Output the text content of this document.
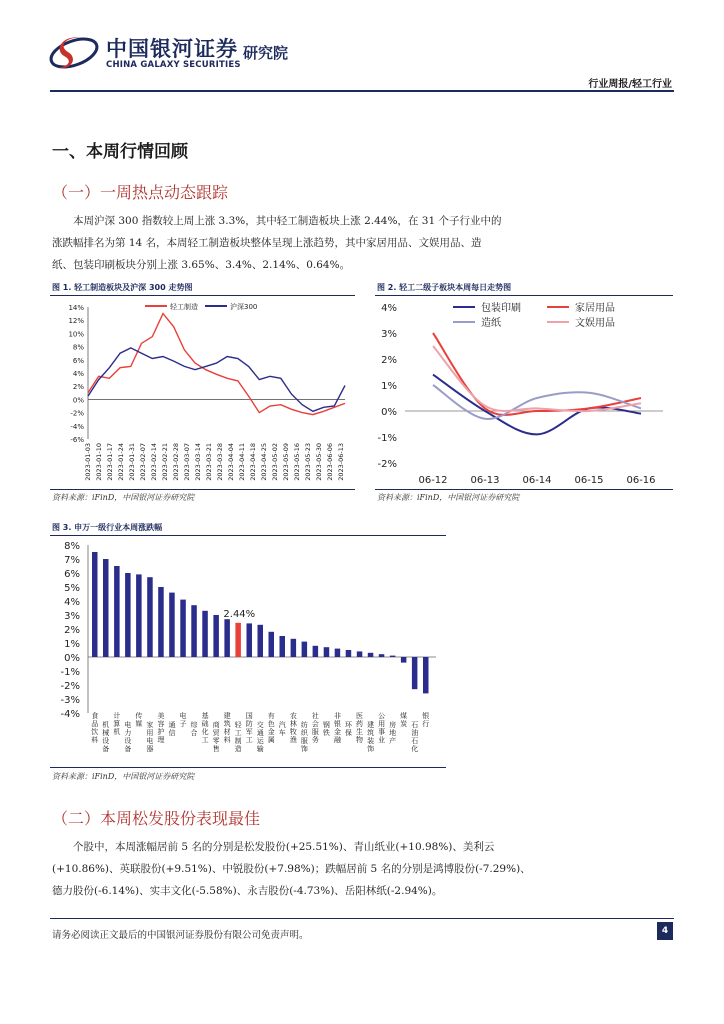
中国银河证券
CHINA GALAXY SECURITIES
研究院
行业周报/轻工行业
一、本周行情回顾
（一）一周热点动态跟踪
本周沪深 300 指数较上周上涨 3.3%，其中轻工制造板块上涨 2.44%，在 31 个子行业中的
涨跌幅排名为第 14 名，本周轻工制造板块整体呈现上涨趋势，其中家居用品、文娱用品、造
纸、包装印刷板块分别上涨 3.65%、3.4%、2.14%、0.64%。
图 1. 轻工制造板块及沪深 300 走势图
14%
12%
10%
8%
6%
4%
2%
0%
-2%
-4%
-6%
2023-01-03 2023-01-10 2023-01-17 2023-01-24 2023-01-31 2023-02-07 2023-02-14 2023-02-21 2023-02-28 2023-03-07 2023-03-14 2023-03-21 2023-03-28 2023-04-04 2023-04-11 2023-04-18 2023-04-25 2023-05-02 2023-05-09 2023-05-16 2023-05-23 2023-05-30 2023-06-06 2023-06-13
轻工制造	沪深300
资料来源：iFinD，中国银河证券研究院
图 2. 轻工二级子板块本周每日走势图
4%
3%
2%
1%
0%
-1%
-2%
06-12 06-13 06-14 06-15 06-16
包装印刷	家居用品
造纸	文娱用品
资料来源：iFinD，中国银河证券研究院
图 3. 申万一级行业本周涨跌幅
8%
7%
6%
5%
4%
3%
2%
1%
0%
-1%
-2%
-3%
-4%
2.44%
食品饮料
机械设备
计算机
电力设备
传媒 家用电器
美容护理
通信
电子 综合
基础化工
商贸零售
建筑材料
轻工制造
国防军工
交通运输
有色金属
汽车
农林牧渔
纺织服饰
社会服务
钢铁
非银金融
环保
医药生物
建筑装饰
公用事业
房地产
煤炭 石油石化
银行
资料来源：iFinD，中国银河证券研究院
（二）本周松发股份表现最佳
个股中，本周涨幅居前 5 名的分别是松发股份(+25.51%)、青山纸业(+10.98%)、美利云
(+10.86%)、英联股份(+9.51%)、中锐股份(+7.98%)；跌幅居前 5 名的分别是鸿博股份(-7.29%)、
德力股份(-6.14%)、实丰文化(-5.58%)、永吉股份(-4.73%)、岳阳林纸(-2.94%)。
请务必阅读正文最后的中国银河证券股份有限公司免责声明。	4
